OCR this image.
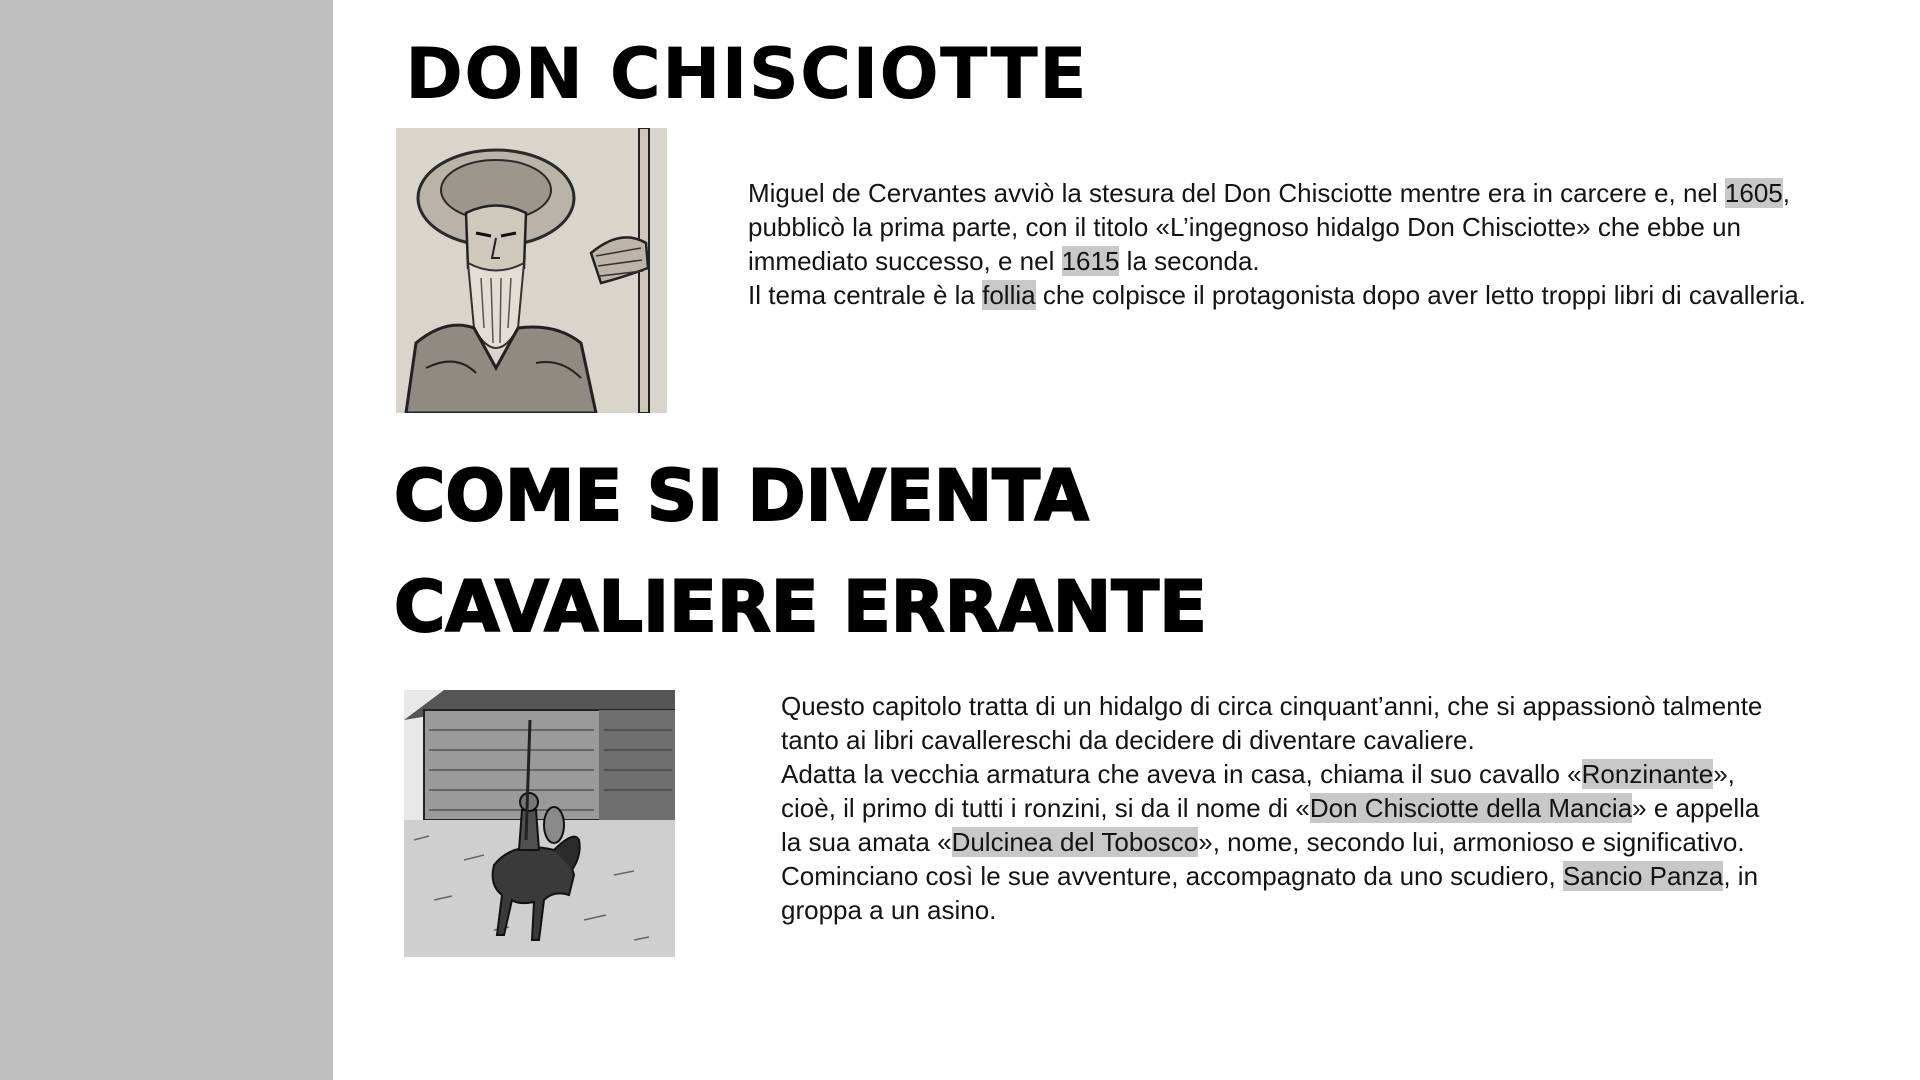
DON CHISCIOTTE

Miguel de Cervantes avviò la stesura del Don Chisciotte mentre era in carcere e, nel 1605, pubblicò la prima parte, con il titolo «L’ingegnoso hidalgo Don Chisciotte» che ebbe un immediato successo, e nel 1615 la seconda.
Il tema centrale è la follia che colpisce il protagonista dopo aver letto troppi libri di cavalleria.

COME SI DIVENTA
CAVALIERE ERRANTE

Questo capitolo tratta di un hidalgo di circa cinquant’anni, che si appassionò talmente tanto ai libri cavallereschi da decidere di diventare cavaliere.
Adatta la vecchia armatura che aveva in casa, chiama il suo cavallo «Ronzinante», cioè, il primo di tutti i ronzini, si da il nome di «Don Chisciotte della Mancia» e appella la sua amata «Dulcinea del Tobosco», nome, secondo lui, armonioso e significativo.
Cominciano così le sue avventure, accompagnato da uno scudiero, Sancio Panza, in groppa a un asino.
